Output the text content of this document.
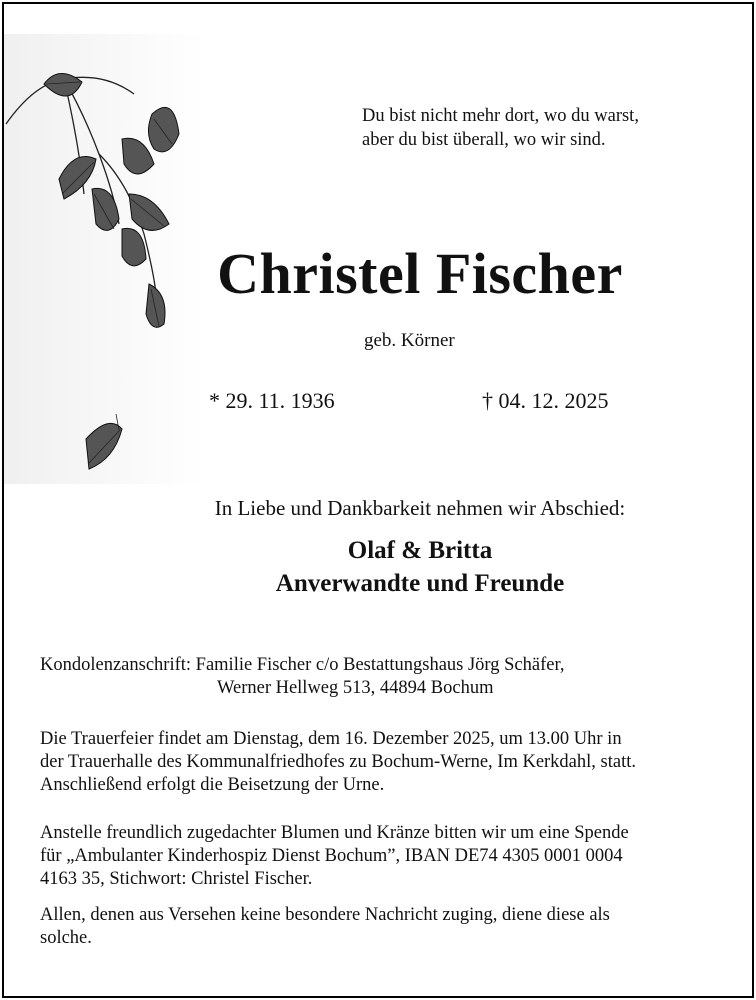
Du bist nicht mehr dort, wo du warst,
aber du bist überall, wo wir sind.
Christel Fischer
geb. Körner
* 29. 11. 1936	† 04. 12. 2025
In Liebe und Dankbarkeit nehmen wir Abschied:
Olaf & Britta
Anverwandte und Freunde
Kondolenzanschrift: Familie Fischer c/o Bestattungshaus Jörg Schäfer,
Werner Hellweg 513, 44894 Bochum
Die Trauerfeier findet am Dienstag, dem 16. Dezember 2025, um 13.00 Uhr in
der Trauerhalle des Kommunalfriedhofes zu Bochum-Werne, Im Kerkdahl, statt.
Anschließend erfolgt die Beisetzung der Urne.
Anstelle freundlich zugedachter Blumen und Kränze bitten wir um eine Spende
für „Ambulanter Kinderhospiz Dienst Bochum”, IBAN DE74 4305 0001 0004
4163 35, Stichwort: Christel Fischer.
Allen, denen aus Versehen keine besondere Nachricht zuging, diene diese als
solche.
